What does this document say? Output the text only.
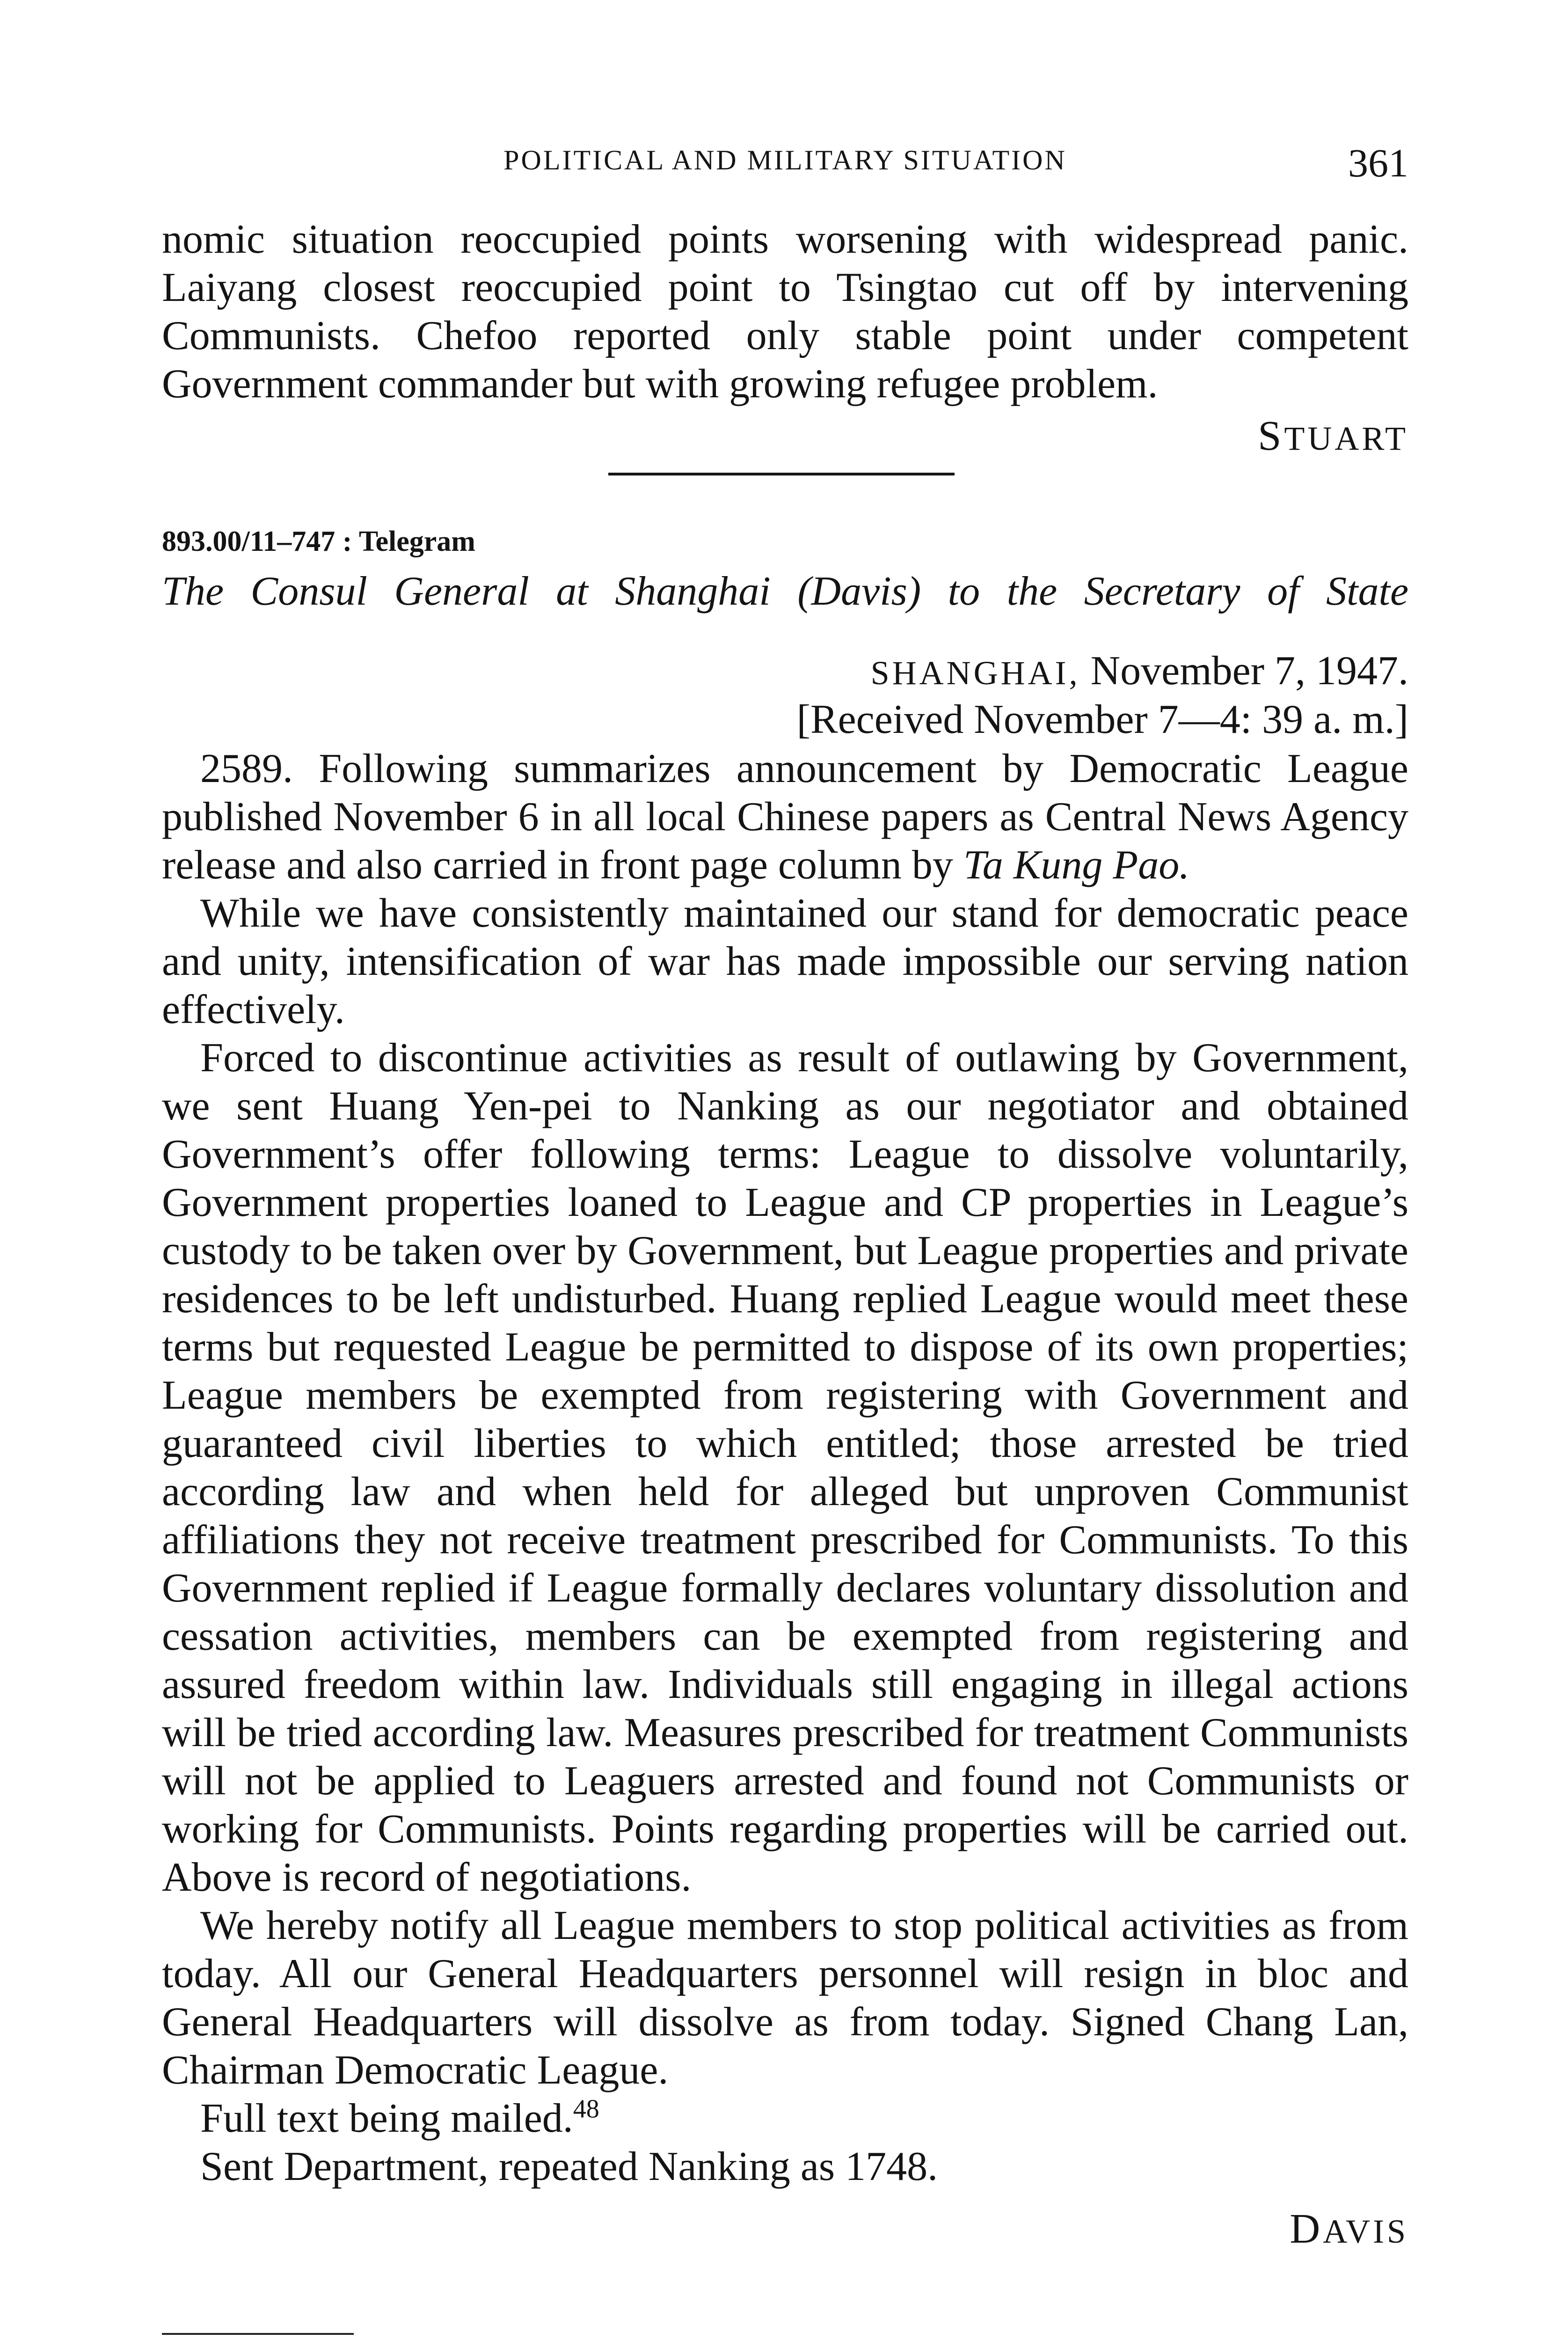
POLITICAL AND MILITARY SITUATION	361

nomic situation reoccupied points worsening with widespread panic. Laiyang closest reoccupied point to Tsingtao cut off by intervening Communists. Chefoo reported only stable point under competent Government commander but with growing refugee problem.

STUART
893.00/11–747 : Telegram
The Consul General at Shanghai (Davis) to the Secretary of State
SHANGHAI, November 7, 1947.
[Received November 7—4: 39 a. m.]

2589. Following summarizes announcement by Democratic League published November 6 in all local Chinese papers as Central News Agency release and also carried in front page column by Ta Kung Pao.

While we have consistently maintained our stand for democratic peace and unity, intensification of war has made impossible our serving nation effectively.

Forced to discontinue activities as result of outlawing by Government, we sent Huang Yen-pei to Nanking as our negotiator and obtained Government’s offer following terms: League to dissolve voluntarily, Government properties loaned to League and CP properties in League’s custody to be taken over by Government, but League properties and private residences to be left undisturbed. Huang replied League would meet these terms but requested League be permitted to dispose of its own properties; League members be exempted from registering with Government and guaranteed civil liberties to which entitled; those arrested be tried according law and when held for alleged but unproven Communist affiliations they not receive treatment prescribed for Communists. To this Government replied if League formally declares voluntary dissolution and cessation activities, members can be exempted from registering and assured freedom within law. Individuals still engaging in illegal actions will be tried according law. Measures prescribed for treatment Communists will not be applied to Leaguers arrested and found not Communists or working for Communists. Points regarding properties will be carried out. Above is record of negotiations.

We hereby notify all League members to stop political activities as from today. All our General Headquarters personnel will resign in bloc and General Headquarters will dissolve as from today. Signed Chang Lan, Chairman Democratic League.

Full text being mailed.$^{48}$

Sent Department, repeated Nanking as 1748.

DAVIS
